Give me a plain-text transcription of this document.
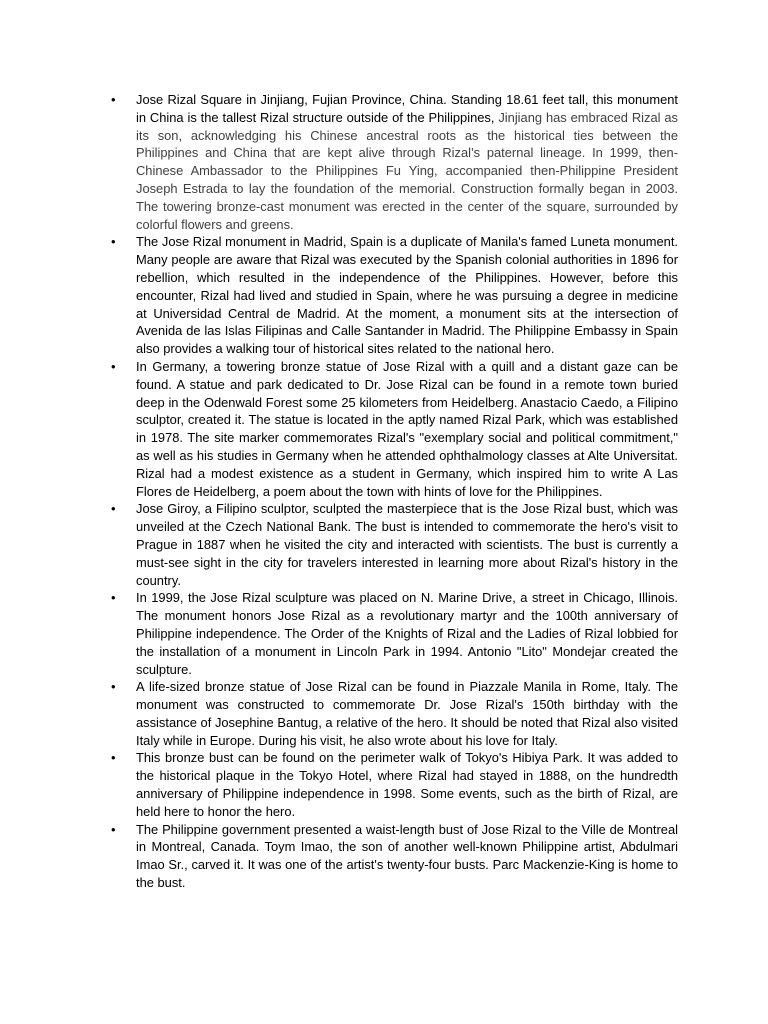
•	Jose Rizal Square in Jinjiang, Fujian Province, China. Standing 18.61 feet tall, this monument in China is the tallest Rizal structure outside of the Philippines, Jinjiang has embraced Rizal as its son, acknowledging his Chinese ancestral roots as the historical ties between the Philippines and China that are kept alive through Rizal’s paternal lineage. In 1999, then-Chinese Ambassador to the Philippines Fu Ying, accompanied then-Philippine President Joseph Estrada to lay the foundation of the memorial. Construction formally began in 2003. The towering bronze-cast monument was erected in the center of the square, surrounded by colorful flowers and greens.
•	The Jose Rizal monument in Madrid, Spain is a duplicate of Manila's famed Luneta monument. Many people are aware that Rizal was executed by the Spanish colonial authorities in 1896 for rebellion, which resulted in the independence of the Philippines. However, before this encounter, Rizal had lived and studied in Spain, where he was pursuing a degree in medicine at Universidad Central de Madrid. At the moment, a monument sits at the intersection of Avenida de las Islas Filipinas and Calle Santander in Madrid. The Philippine Embassy in Spain also provides a walking tour of historical sites related to the national hero.
•	In Germany, a towering bronze statue of Jose Rizal with a quill and a distant gaze can be found. A statue and park dedicated to Dr. Jose Rizal can be found in a remote town buried deep in the Odenwald Forest some 25 kilometers from Heidelberg. Anastacio Caedo, a Filipino sculptor, created it. The statue is located in the aptly named Rizal Park, which was established in 1978. The site marker commemorates Rizal's "exemplary social and political commitment," as well as his studies in Germany when he attended ophthalmology classes at Alte Universitat. Rizal had a modest existence as a student in Germany, which inspired him to write A Las Flores de Heidelberg, a poem about the town with hints of love for the Philippines.
•	Jose Giroy, a Filipino sculptor, sculpted the masterpiece that is the Jose Rizal bust, which was unveiled at the Czech National Bank. The bust is intended to commemorate the hero's visit to Prague in 1887 when he visited the city and interacted with scientists. The bust is currently a must-see sight in the city for travelers interested in learning more about Rizal's history in the country.
•	In 1999, the Jose Rizal sculpture was placed on N. Marine Drive, a street in Chicago, Illinois. The monument honors Jose Rizal as a revolutionary martyr and the 100th anniversary of Philippine independence. The Order of the Knights of Rizal and the Ladies of Rizal lobbied for the installation of a monument in Lincoln Park in 1994. Antonio "Lito" Mondejar created the sculpture.
•	A life-sized bronze statue of Jose Rizal can be found in Piazzale Manila in Rome, Italy. The monument was constructed to commemorate Dr. Jose Rizal's 150th birthday with the assistance of Josephine Bantug, a relative of the hero. It should be noted that Rizal also visited Italy while in Europe. During his visit, he also wrote about his love for Italy.
•	This bronze bust can be found on the perimeter walk of Tokyo's Hibiya Park. It was added to the historical plaque in the Tokyo Hotel, where Rizal had stayed in 1888, on the hundredth anniversary of Philippine independence in 1998. Some events, such as the birth of Rizal, are held here to honor the hero.
•	The Philippine government presented a waist-length bust of Jose Rizal to the Ville de Montreal in Montreal, Canada. Toym Imao, the son of another well-known Philippine artist, Abdulmari Imao Sr., carved it. It was one of the artist's twenty-four busts. Parc Mackenzie-King is home to the bust.
